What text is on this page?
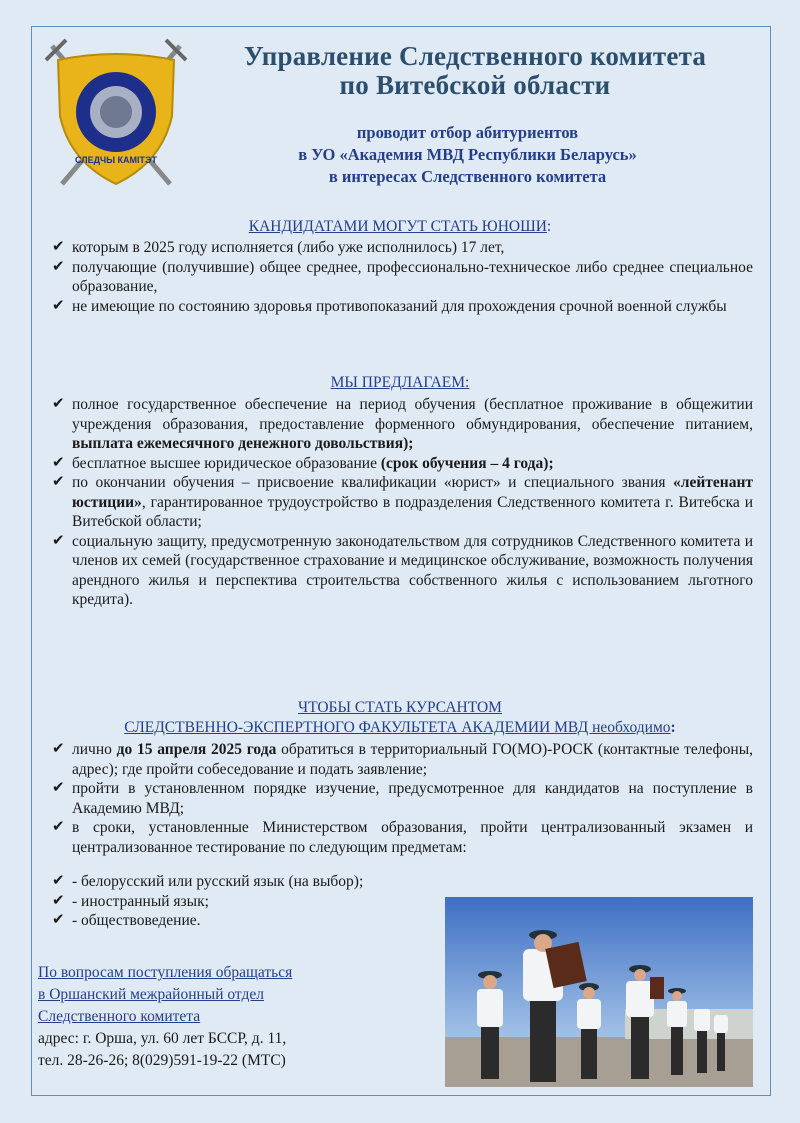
СЛЕДЧЫ КАМІТЭТ
Управление Следственного комитета
по Витебской области
проводит отбор абитуриентов
в УО «Академия МВД Республики Беларусь»
в интересах Следственного комитета
КАНДИДАТАМИ МОГУТ СТАТЬ ЮНОШИ:
✔ которым в 2025 году исполняется (либо уже исполнилось) 17 лет,
✔ получающие (получившие) общее среднее, профессионально-техническое либо среднее специальное образование,
✔ не имеющие по состоянию здоровья противопоказаний для прохождения срочной военной службы
МЫ ПРЕДЛАГАЕМ:
✔ полное государственное обеспечение на период обучения (бесплатное проживание в общежитии учреждения образования, предоставление форменного обмундирования, обеспечение питанием, выплата ежемесячного денежного довольствия);
✔ бесплатное высшее юридическое образование (срок обучения – 4 года);
✔ по окончании обучения – присвоение квалификации «юрист» и специального звания «лейтенант юстиции», гарантированное трудоустройство в подразделения Следственного комитета г. Витебска и Витебской области;
✔ социальную защиту, предусмотренную законодательством для сотрудников Следственного комитета и членов их семей (государственное страхование и медицинское обслуживание, возможность получения арендного жилья и перспектива строительства собственного жилья с использованием льготного кредита).
ЧТОБЫ СТАТЬ КУРСАНТОМ
СЛЕДСТВЕННО-ЭКСПЕРТНОГО ФАКУЛЬТЕТА АКАДЕМИИ МВД необходимо:
✔ лично до 15 апреля 2025 года обратиться в территориальный ГО(МО)-РОСК (контактные телефоны, адрес); где пройти собеседование и подать заявление;
✔ пройти в установленном порядке изучение, предусмотренное для кандидатов на поступление в Академию МВД;
✔ в сроки, установленные Министерством образования, пройти централизованный экзамен и централизованное тестирование по следующим предметам:
✔ - белорусский или русский язык (на выбор);
✔ - иностранный язык;
✔ - обществоведение.
По вопросам поступления обращаться
в Оршанский межрайонный отдел
Следственного комитета
адрес: г. Орша, ул. 60 лет БССР, д. 11,
тел. 28-26-26; 8(029)591-19-22 (МТС)
